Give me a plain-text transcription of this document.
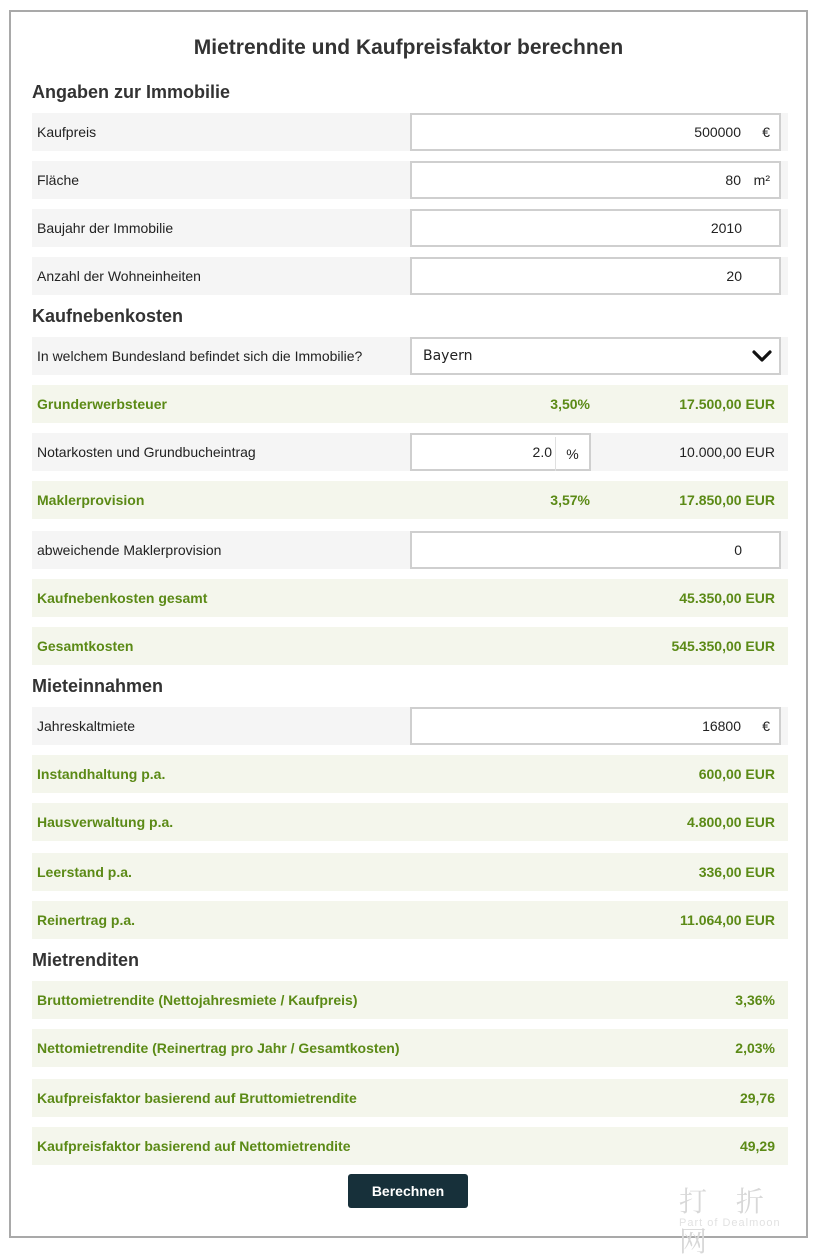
Mietrendite und Kaufpreisfaktor berechnen
Angaben zur Immobilie
Kaufpreis	500000 €
Fläche	80 m²
Baujahr der Immobilie	2010
Anzahl der Wohneinheiten	20
Kaufnebenkosten
In welchem Bundesland befindet sich die Immobilie?	Bayern
Grunderwerbsteuer	3,50%	17.500,00 EUR
Notarkosten und Grundbucheintrag	2.0	%	10.000,00 EUR
Maklerprovision	3,57%	17.850,00 EUR
abweichende Maklerprovision	0
Kaufnebenkosten gesamt	45.350,00 EUR
Gesamtkosten	545.350,00 EUR
Mieteinnahmen
Jahreskaltmiete	16800 €
Instandhaltung p.a.	600,00 EUR
Hausverwaltung p.a.	4.800,00 EUR
Leerstand p.a.	336,00 EUR
Reinertrag p.a.	11.064,00 EUR
Mietrenditen
Bruttomietrendite (Nettojahresmiete / Kaufpreis)	3,36%
Nettomietrendite (Reinertrag pro Jahr / Gesamtkosten)	2,03%
Kaufpreisfaktor basierend auf Bruttomietrendite	29,76
Kaufpreisfaktor basierend auf Nettomietrendite	49,29
Berechnen	打 折 网
Part of Dealmoon
